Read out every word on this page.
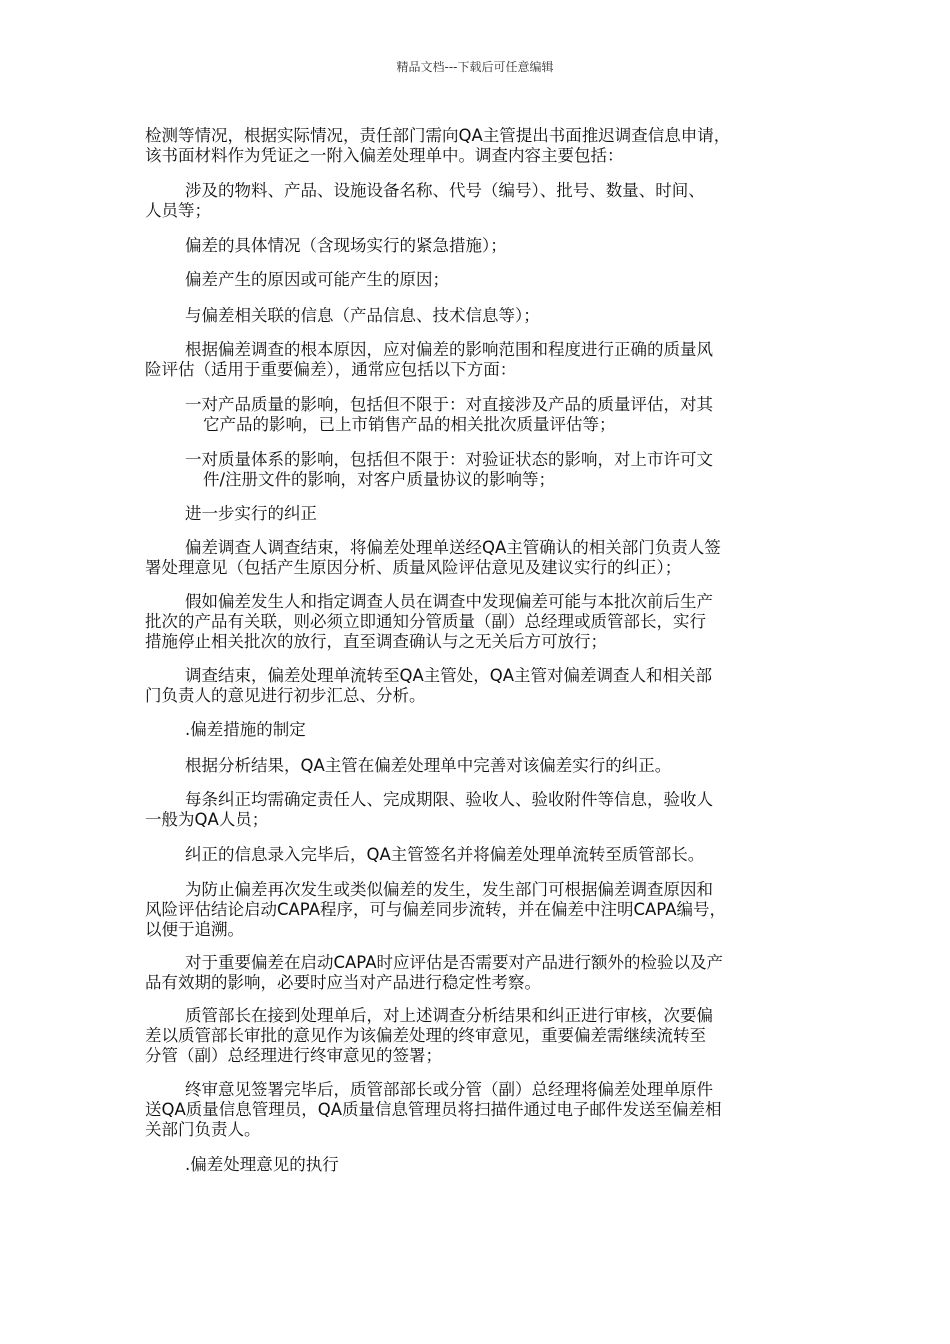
精品文档---下载后可任意编辑
检测等情况，根据实际情况，责任部门需向QA主管提出书面推迟调查信息申请，
该书面材料作为凭证之一附入偏差处理单中。调查内容主要包括：
涉及的物料、产品、设施设备名称、代号（编号）、批号、数量、时间、
人员等；
偏差的具体情况（含现场实行的紧急措施）；
偏差产生的原因或可能产生的原因；
与偏差相关联的信息（产品信息、技术信息等）；
根据偏差调查的根本原因，应对偏差的影响范围和程度进行正确的质量风
险评估（适用于重要偏差），通常应包括以下方面：
一对产品质量的影响，包括但不限于：对直接涉及产品的质量评估，对其
它产品的影响，已上市销售产品的相关批次质量评估等；
一对质量体系的影响，包括但不限于：对验证状态的影响，对上市许可文
件/注册文件的影响，对客户质量协议的影响等；
进一步实行的纠正
偏差调查人调查结束，将偏差处理单送经QA主管确认的相关部门负责人签
署处理意见（包括产生原因分析、质量风险评估意见及建议实行的纠正）；
假如偏差发生人和指定调查人员在调查中发现偏差可能与本批次前后生产
批次的产品有关联，则必须立即通知分管质量（副）总经理或质管部长，实行
措施停止相关批次的放行，直至调查确认与之无关后方可放行；
调查结束，偏差处理单流转至QA主管处，QA主管对偏差调查人和相关部
门负责人的意见进行初步汇总、分析。
.偏差措施的制定
根据分析结果，QA主管在偏差处理单中完善对该偏差实行的纠正。
每条纠正均需确定责任人、完成期限、验收人、验收附件等信息，验收人
一般为QA人员；
纠正的信息录入完毕后，QA主管签名并将偏差处理单流转至质管部长。
为防止偏差再次发生或类似偏差的发生，发生部门可根据偏差调查原因和
风险评估结论启动CAPA程序，可与偏差同步流转，并在偏差中注明CAPA编号，
以便于追溯。
对于重要偏差在启动CAPA时应评估是否需要对产品进行额外的检验以及产
品有效期的影响，必要时应当对产品进行稳定性考察。
质管部长在接到处理单后，对上述调查分析结果和纠正进行审核，次要偏
差以质管部长审批的意见作为该偏差处理的终审意见，重要偏差需继续流转至
分管（副）总经理进行终审意见的签署；
终审意见签署完毕后，质管部部长或分管（副）总经理将偏差处理单原件
送QA质量信息管理员，QA质量信息管理员将扫描件通过电子邮件发送至偏差相
关部门负责人。
.偏差处理意见的执行
